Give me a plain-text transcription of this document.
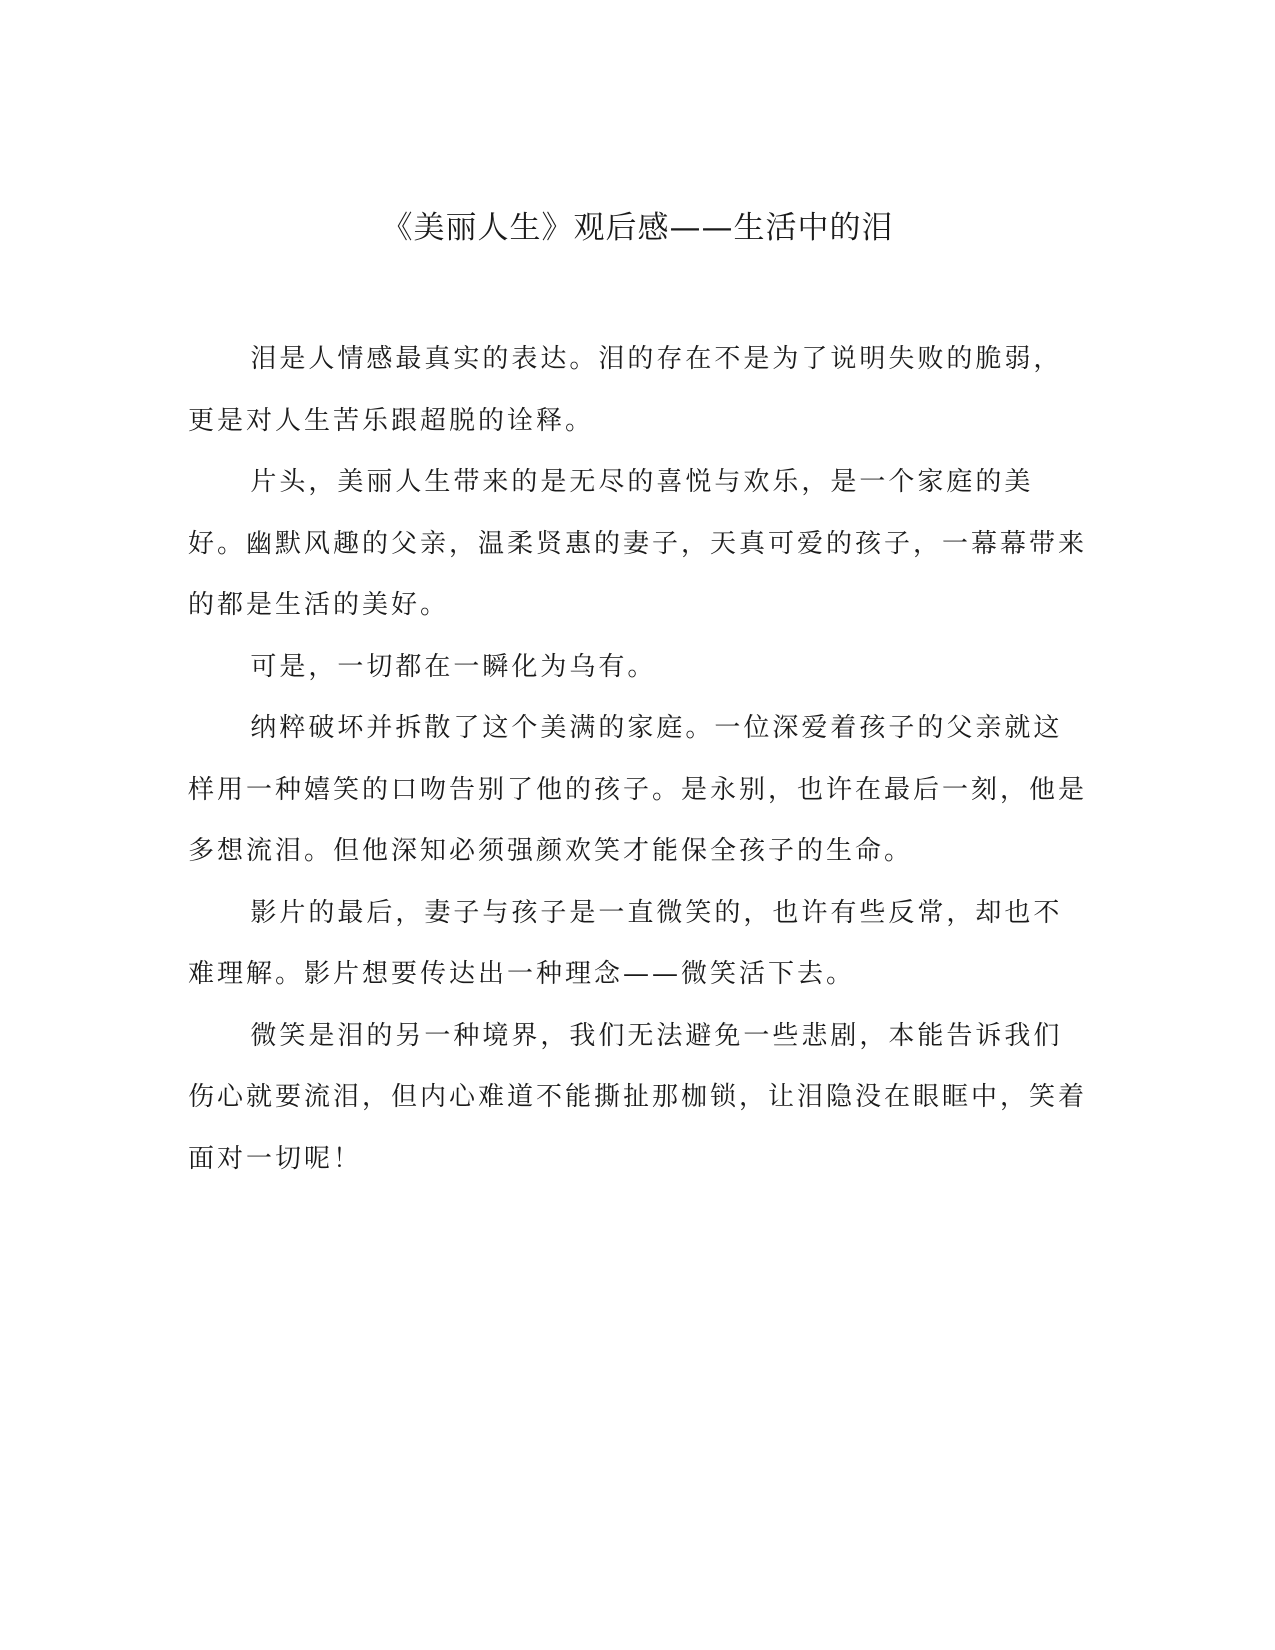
《美丽人生》观后感——生活中的泪

泪是人情感最真实的表达。泪的存在不是为了说明失败的脆弱，更是对人生苦乐跟超脱的诠释。

片头，美丽人生带来的是无尽的喜悦与欢乐，是一个家庭的美好。幽默风趣的父亲，温柔贤惠的妻子，天真可爱的孩子，一幕幕带来的都是生活的美好。

可是，一切都在一瞬化为乌有。

纳粹破坏并拆散了这个美满的家庭。一位深爱着孩子的父亲就这样用一种嬉笑的口吻告别了他的孩子。是永别，也许在最后一刻，他是多想流泪。但他深知必须强颜欢笑才能保全孩子的生命。

影片的最后，妻子与孩子是一直微笑的，也许有些反常，却也不难理解。影片想要传达出一种理念——微笑活下去。

微笑是泪的另一种境界，我们无法避免一些悲剧，本能告诉我们伤心就要流泪，但内心难道不能撕扯那枷锁，让泪隐没在眼眶中，笑着面对一切呢！
